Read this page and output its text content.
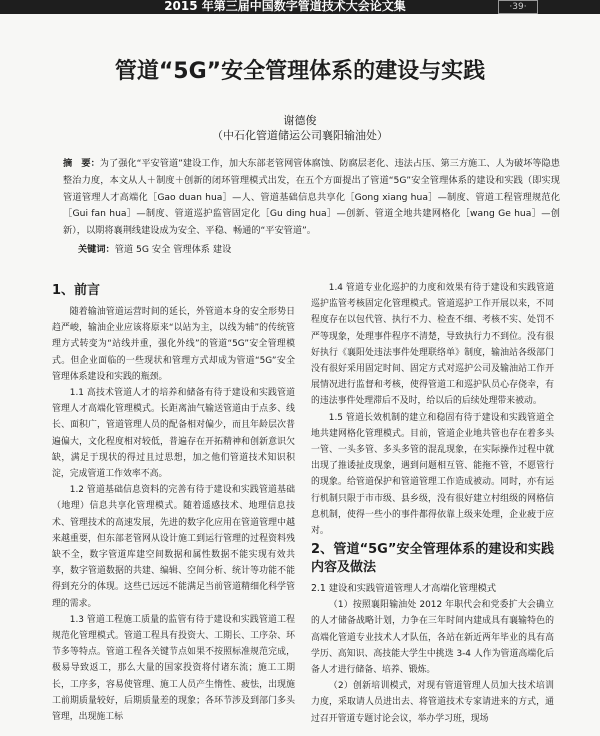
2015 年第三届中国数字管道技术大会论文集	·39·
管道“5G”安全管理体系的建设与实践
谢德俊
（中石化管道储运公司襄阳输油处）

摘　要：为了强化“平安管道”建设工作，加大东部老管网管体腐蚀、防腐层老化、违法占压、第三方施工、人为破坏等隐患整治力度，本文从人＋制度＋创新的闭环管理模式出发，在五个方面提出了管道“5G”安全管理体系的建设和实践（即实现管道管理人才高端化［Gao duan hua］—人、管道基础信息共享化［Gong xiang hua］—制度、管道工程管理规范化［Gui fan hua］—制度、管道巡护监管固定化［Gu ding hua］—创新、管道全地共建网格化［wang Ge hua］—创新），以期将襄荆线建设成为安全、平稳、畅通的“平安管道”。

关键词：管道 5G 安全 管理体系 建设

1、前言

随着输油管道运营时间的延长，外管道本身的安全形势日趋严峻，输油企业应该将原来“以站为主，以线为辅”的传统管理方式转变为“站线并重，强化外线”的管道“5G”安全管理模式。但企业面临的一些现状和管理方式却成为管道“5G”安全管理体系建设和实践的瓶颈。

1.1 高技术管道人才的培养和储备有待于建设和实践管道管理人才高端化管理模式。长距离油气输送管道由于点多、线长、面积广，管道管理人员的配备相对偏少，而且年龄层次普遍偏大，文化程度相对较低，普遍存在开拓精神和创新意识欠缺，满足于现状的得过且过思想，加之他们管道技术知识积淀，完成管道工作效率不高。

1.2 管道基础信息资料的完善有待于建设和实践管道基础（地理）信息共享化管理模式。随着遥感技术、地理信息技术、管理技术的高速发展，先进的数字化应用在管道管理中越来越重要，但东部老管网从设计施工到运行管理的过程资料残缺不全，数字管道库建空间数据和属性数据不能实现有效共享，数字管道数据的共建、编辑、空间分析、统计等功能不能得到充分的体现。这些已远远不能满足当前管道精细化科学管理的需求。

1.3 管道工程施工质量的监管有待于建设和实践管道工程规范化管理模式。管道工程具有投资大、工期长、工序杂、环节多等特点。管道工程各关键节点如果不按照标准规范完成，极易导致返工，那么大量的国家投资将付诸东流；施工工期长，工序多，容易使管理、施工人员产生惰性、疲怯，出现施工前期质量较好，后期质量差的现象；各环节涉及到部门多头管理，出现施工标

1.4 管道专业化巡护的力度和效果有待于建设和实践管道巡护监管考核固定化管理模式。管道巡护工作开展以来，不同程度存在以包代管、执行不力、检查不细、考核不实、处罚不严等现象，处理事件程序不清楚，导致执行力不到位。没有很好执行《襄阳处违法事件处理联络单》制度，输油站各级部门没有很好采用固定时间、固定方式对巡护公司及输油站工作开展情况进行监督和考核，使得管道工和巡护队员心存侥幸，有的违法事件处理滞后不及时，给以后的后续处理带来被动。

1.5 管道长效机制的建立和稳固有待于建设和实践管道全地共建网格化管理模式。目前，管道企业地共管也存在着多头一管、一头多管、多头多管的混乱现象，在实际操作过程中就出现了推诿扯皮现象，遇到问题相互管、能拖不管，不愿管行的现象。给管道保护和管道管理工作造成被动。同时，亦有运行机制只限于市市级、县乡级，没有很好建立村组级的网格信息机制，使得一些小的事件都得依靠上级来处理，企业疲于应对。

2、管道“5G”安全管理体系的建设和实践内容及做法
2.1 建设和实践管道管理人才高端化管理模式

（1）按照襄阳输油处 2012 年职代会和党委扩大会确立的人才储备战略计划，力争在三年时间内建成具有襄输特色的高端化管道专业技术人才队伍，各站在新近两年毕业的具有高学历、高知识、高技能大学生中挑选 3-4 人作为管道高端化后备人才进行储备、培养、锻炼。

（2）创新培训模式，对现有管道管理人员加大技术培训力度，采取请人员进出去、将管道技术专家请进来的方式，通过召开管道专题讨论会议，举办学习班，现场
